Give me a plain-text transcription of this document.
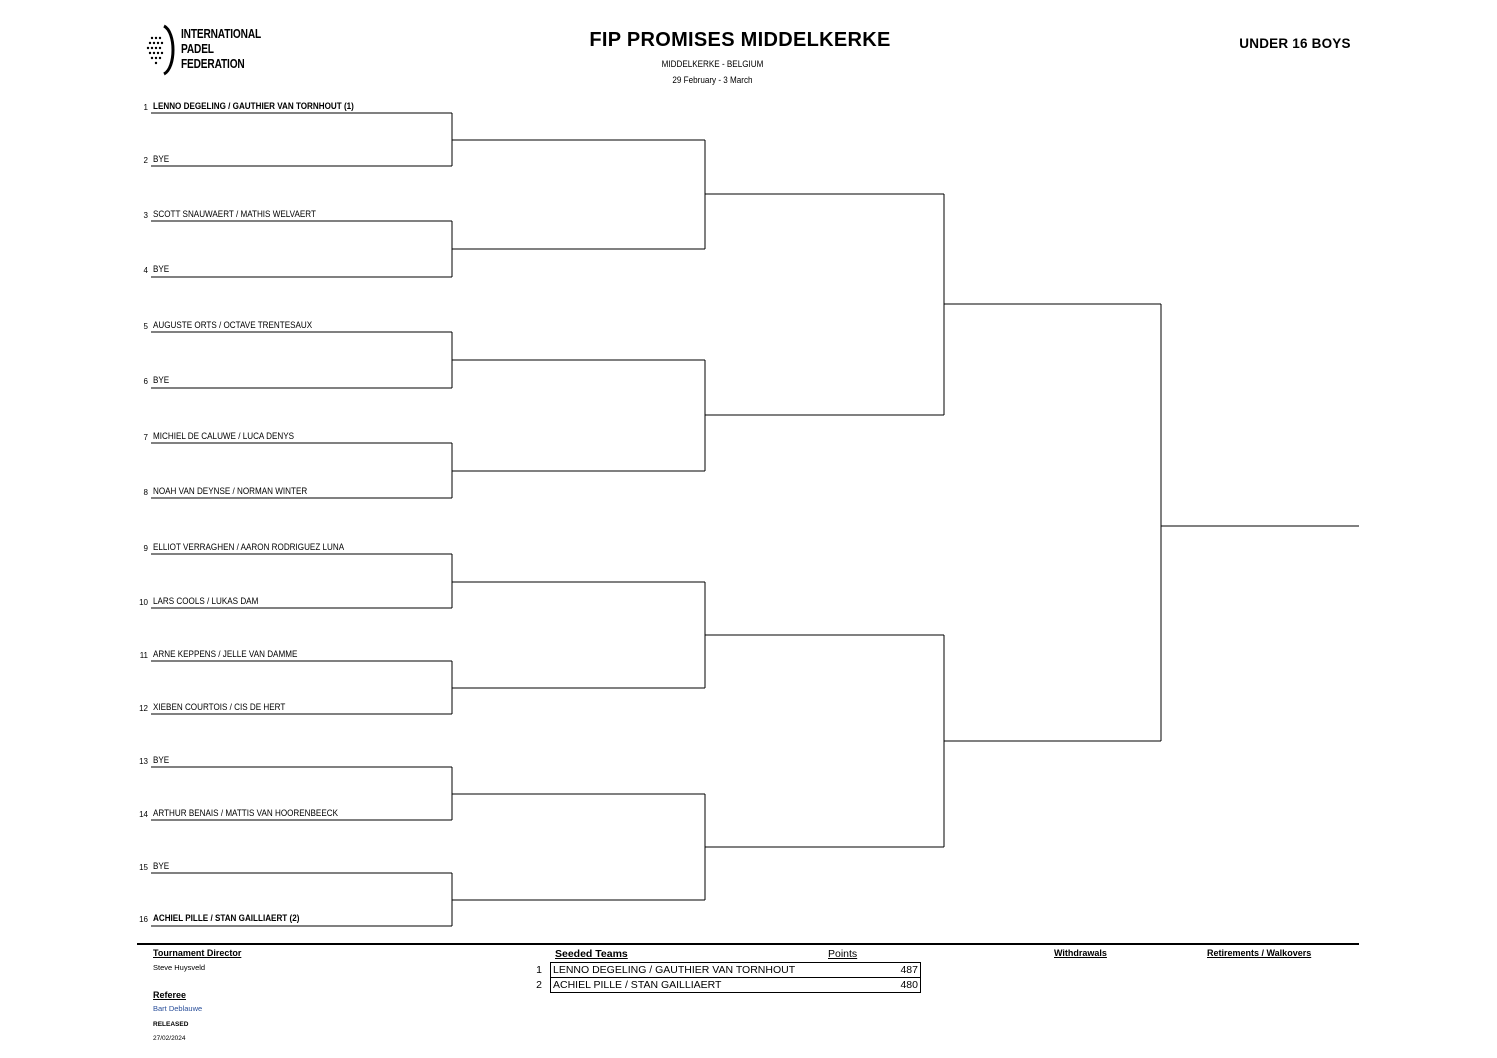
INTERNATIONAL
PADEL
FEDERATION
FIP PROMISES MIDDELKERKE
MIDDELKERKE - BELGIUM
29 February - 3 March
UNDER 16 BOYS
1 LENNO DEGELING / GAUTHIER VAN TORNHOUT (1)
2 BYE
3 SCOTT SNAUWAERT / MATHIS WELVAERT
4 BYE
5 AUGUSTE ORTS / OCTAVE TRENTESAUX
6 BYE
7 MICHIEL DE CALUWE / LUCA DENYS
8 NOAH VAN DEYNSE / NORMAN WINTER
9 ELLIOT VERRAGHEN / AARON RODRIGUEZ LUNA
10 LARS COOLS / LUKAS DAM
11 ARNE KEPPENS / JELLE VAN DAMME
12 XIEBEN COURTOIS / CIS DE HERT
13 BYE
14 ARTHUR BENAIS / MATTIS VAN HOORENBEECK
15 BYE
16 ACHIEL PILLE / STAN GAILLIAERT (2)
Tournament Director
Steve Huysveld
Referee
Bart Deblauwe
RELEASED
27/02/2024
Seeded Teams	Points
1	LENNO DEGELING / GAUTHIER VAN TORNHOUT	487
2	ACHIEL PILLE / STAN GAILLIAERT	480
Withdrawals	Retirements / Walkovers
